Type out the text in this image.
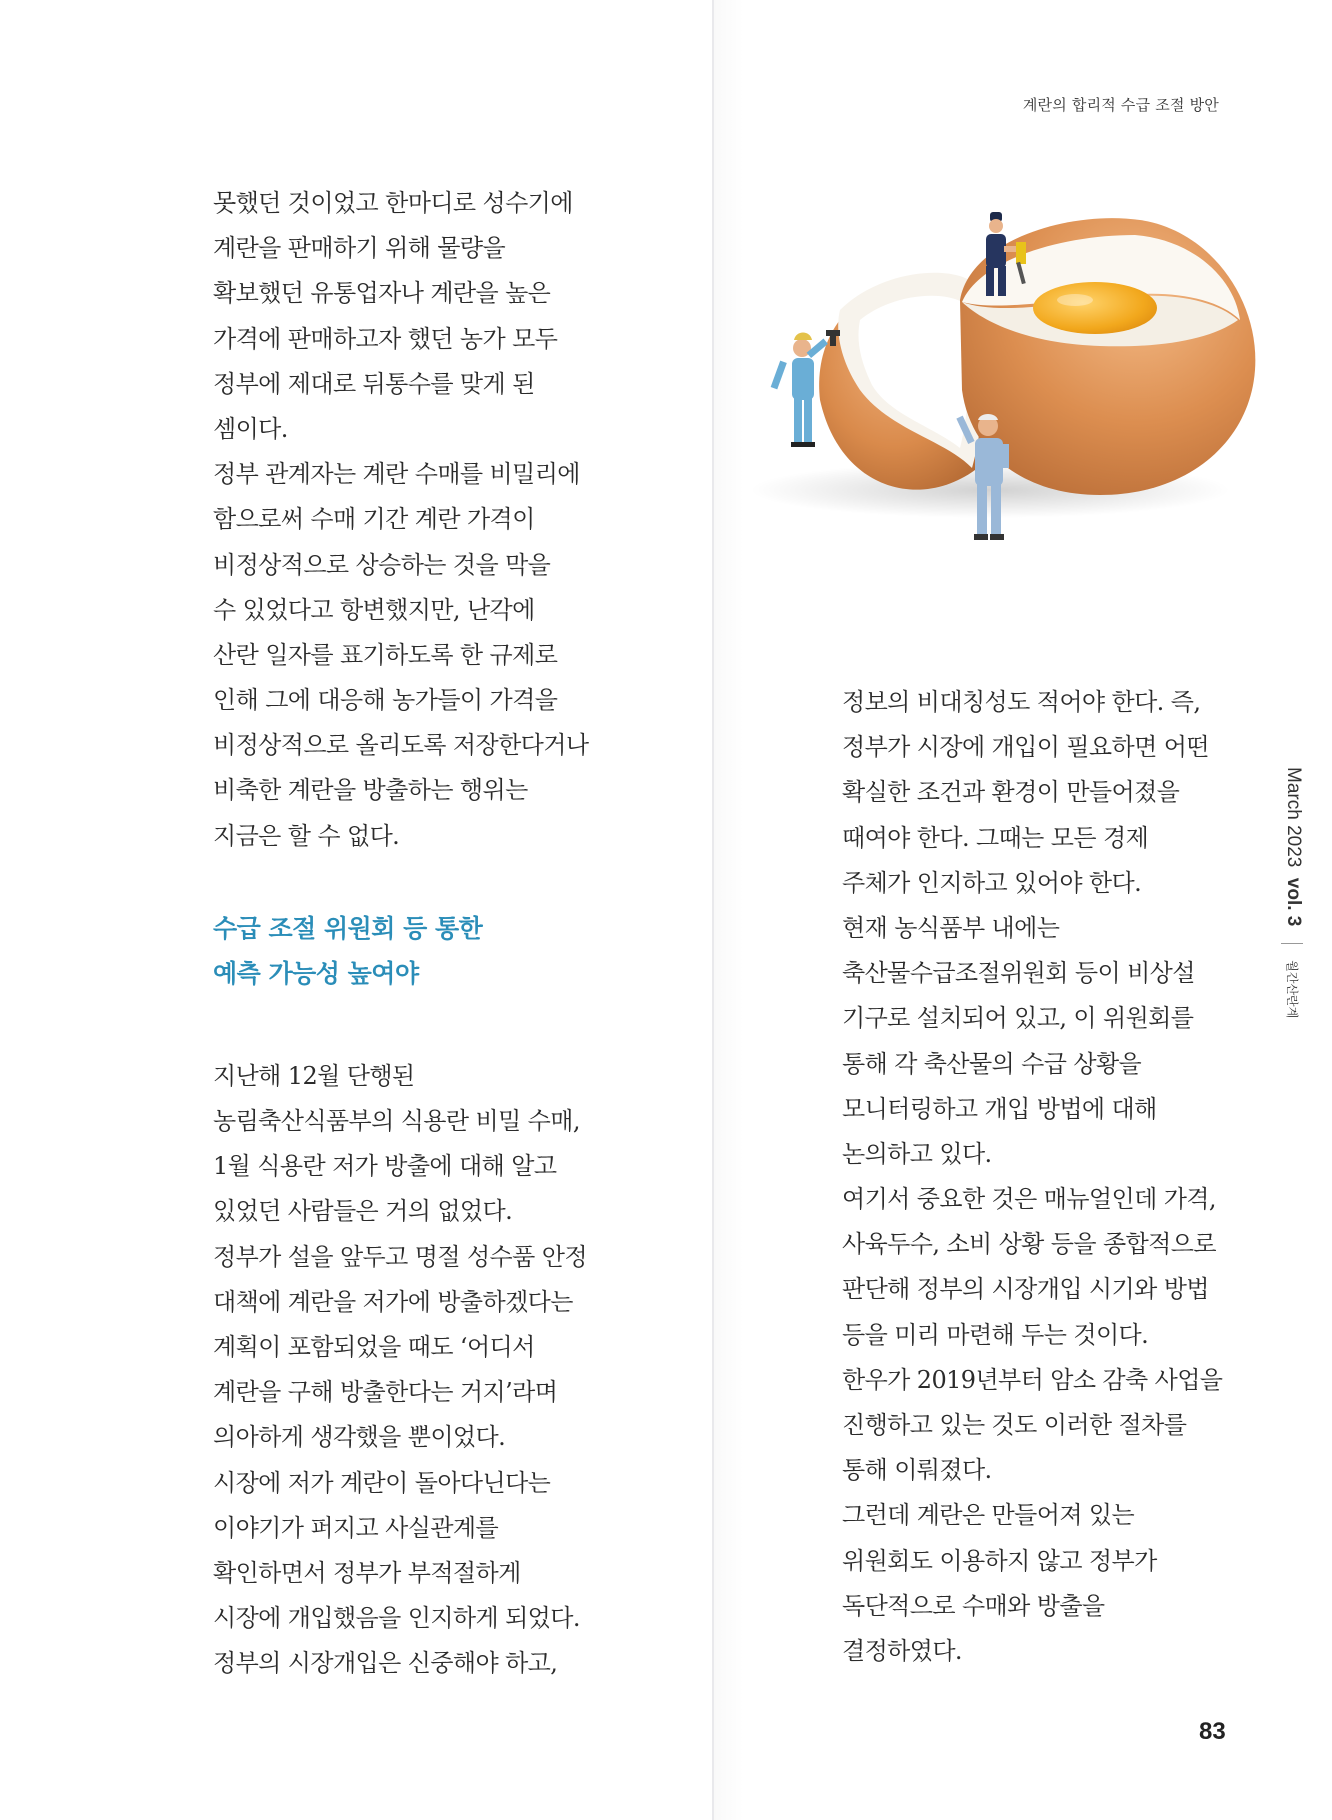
계란의 합리적 수급 조절 방안
못했던 것이었고 한마디로 성수기에
계란을 판매하기 위해 물량을
확보했던 유통업자나 계란을 높은
가격에 판매하고자 했던 농가 모두
정부에 제대로 뒤통수를 맞게 된
셈이다.
정부 관계자는 계란 수매를 비밀리에
함으로써 수매 기간 계란 가격이
비정상적으로 상승하는 것을 막을
수 있었다고 항변했지만, 난각에
산란 일자를 표기하도록 한 규제로
인해 그에 대응해 농가들이 가격을
비정상적으로 올리도록 저장한다거나
비축한 계란을 방출하는 행위는
지금은 할 수 없다.
수급 조절 위원회 등 통한
예측 가능성 높여야
지난해 12월 단행된
농림축산식품부의 식용란 비밀 수매,
1월 식용란 저가 방출에 대해 알고
있었던 사람들은 거의 없었다.
정부가 설을 앞두고 명절 성수품 안정
대책에 계란을 저가에 방출하겠다는
계획이 포함되었을 때도 ‘어디서
계란을 구해 방출한다는 거지’라며
의아하게 생각했을 뿐이었다.
시장에 저가 계란이 돌아다닌다는
이야기가 퍼지고 사실관계를
확인하면서 정부가 부적절하게
시장에 개입했음을 인지하게 되었다.
정부의 시장개입은 신중해야 하고,
정보의 비대칭성도 적어야 한다. 즉,
정부가 시장에 개입이 필요하면 어떤
확실한 조건과 환경이 만들어졌을
때여야 한다. 그때는 모든 경제
주체가 인지하고 있어야 한다.
현재 농식품부 내에는
축산물수급조절위원회 등이 비상설
기구로 설치되어 있고, 이 위원회를
통해 각 축산물의 수급 상황을
모니터링하고 개입 방법에 대해
논의하고 있다.
여기서 중요한 것은 매뉴얼인데 가격,
사육두수, 소비 상황 등을 종합적으로
판단해 정부의 시장개입 시기와 방법
등을 미리 마련해 두는 것이다.
한우가 2019년부터 암소 감축 사업을
진행하고 있는 것도 이러한 절차를
통해 이뤄졌다.
그런데 계란은 만들어져 있는
위원회도 이용하지 않고 정부가
독단적으로 수매와 방출을
결정하였다.
March 2023 vol. 3  월간산란계
83
